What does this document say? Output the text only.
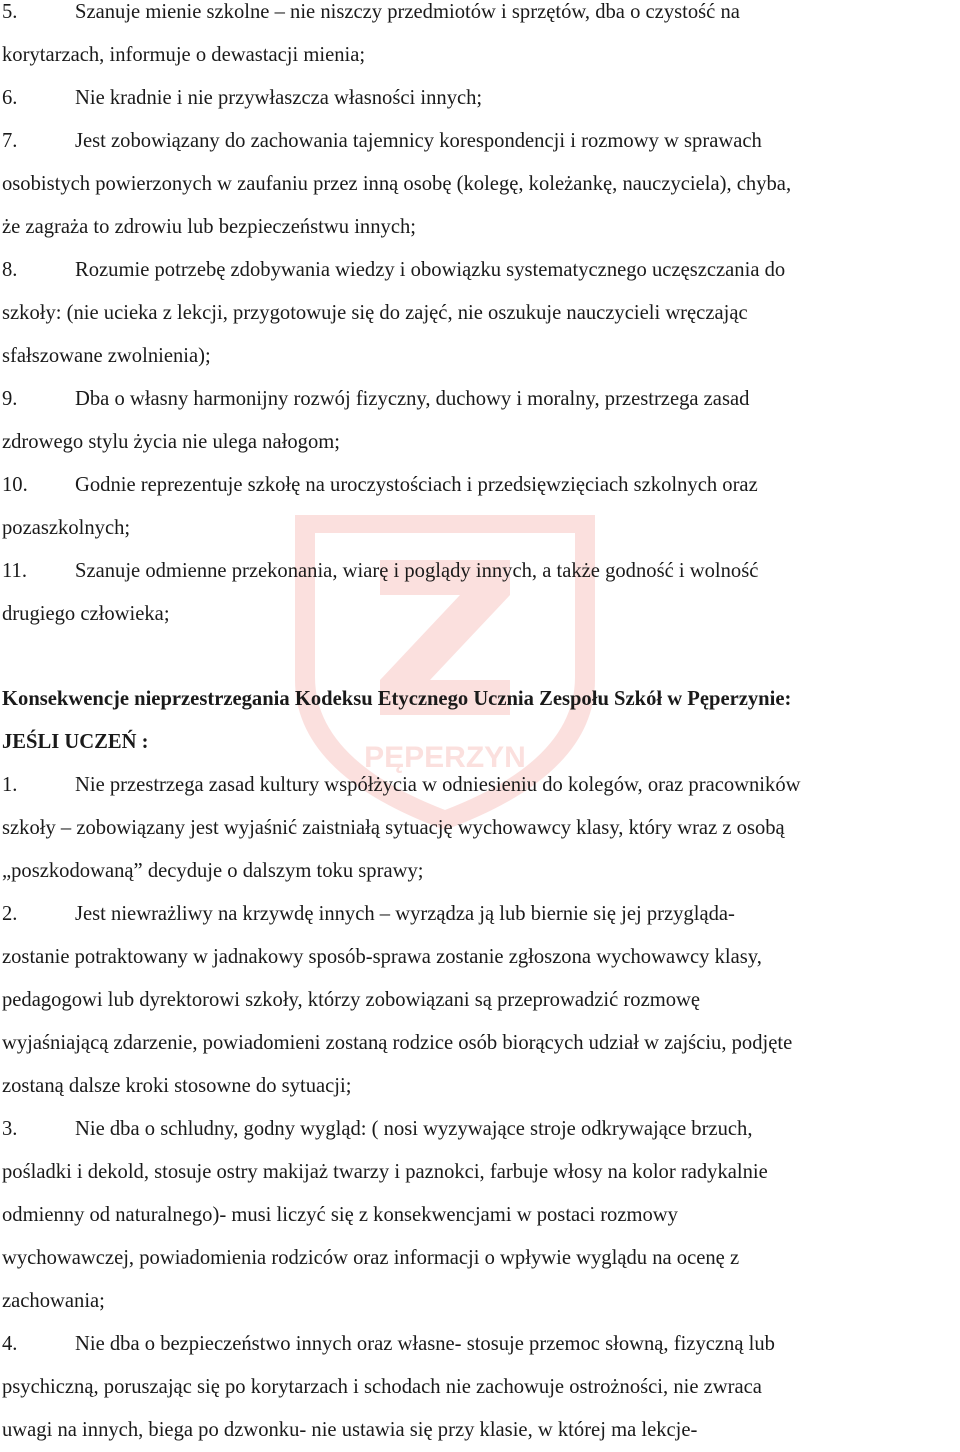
PĘPERZYN
5.	Szanuje mienie szkolne – nie niszczy przedmiotów i sprzętów, dba o czystość na
korytarzach, informuje o dewastacji mienia;
6.	Nie kradnie i nie przywłaszcza własności innych;
7.	Jest zobowiązany do zachowania tajemnicy korespondencji i rozmowy w sprawach
osobistych powierzonych w zaufaniu przez inną osobę (kolegę, koleżankę, nauczyciela), chyba,
że zagraża to zdrowiu lub bezpieczeństwu innych;
8.	Rozumie potrzebę zdobywania wiedzy i obowiązku systematycznego uczęszczania do
szkoły: (nie ucieka z lekcji, przygotowuje się do zajęć, nie oszukuje nauczycieli wręczając
sfałszowane zwolnienia);
9.	Dba o własny harmonijny rozwój fizyczny, duchowy i moralny, przestrzega zasad
zdrowego stylu życia nie ulega nałogom;
10. Godnie reprezentuje szkołę na uroczystościach i przedsięwzięciach szkolnych oraz
pozaszkolnych;
11. Szanuje odmienne przekonania, wiarę i poglądy innych, a także godność i wolność
drugiego człowieka;
Konsekwencje nieprzestrzegania Kodeksu Etycznego Ucznia Zespołu Szkół w Pęperzynie:
JEŚLI UCZEŃ :
1.	Nie przestrzega zasad kultury współżycia w odniesieniu do kolegów, oraz pracowników
szkoły – zobowiązany jest wyjaśnić zaistniałą sytuację wychowawcy klasy, który wraz z osobą
„poszkodowaną” decyduje o dalszym toku sprawy;
2.	Jest niewrażliwy na krzywdę innych – wyrządza ją lub biernie się jej przygląda-
zostanie potraktowany w jadnakowy sposób-sprawa zostanie zgłoszona wychowawcy klasy,
pedagogowi lub dyrektorowi szkoły, którzy zobowiązani są przeprowadzić rozmowę
wyjaśniającą zdarzenie, powiadomieni zostaną rodzice osób biorących udział w zajściu, podjęte
zostaną dalsze kroki stosowne do sytuacji;
3.	Nie dba o schludny, godny wygląd: ( nosi wyzywające stroje odkrywające brzuch,
pośladki i dekold, stosuje ostry makijaż twarzy i paznokci, farbuje włosy na kolor radykalnie
odmienny od naturalnego)- musi liczyć się z konsekwencjami w postaci rozmowy
wychowawczej, powiadomienia rodziców oraz informacji o wpływie wyglądu na ocenę z
zachowania;
4.	Nie dba o bezpieczeństwo innych oraz własne- stosuje przemoc słowną, fizyczną lub
psychiczną, poruszając się po korytarzach i schodach nie zachowuje ostrożności, nie zwraca
uwagi na innych, biega po dzwonku- nie ustawia się przy klasie, w której ma lekcje-
